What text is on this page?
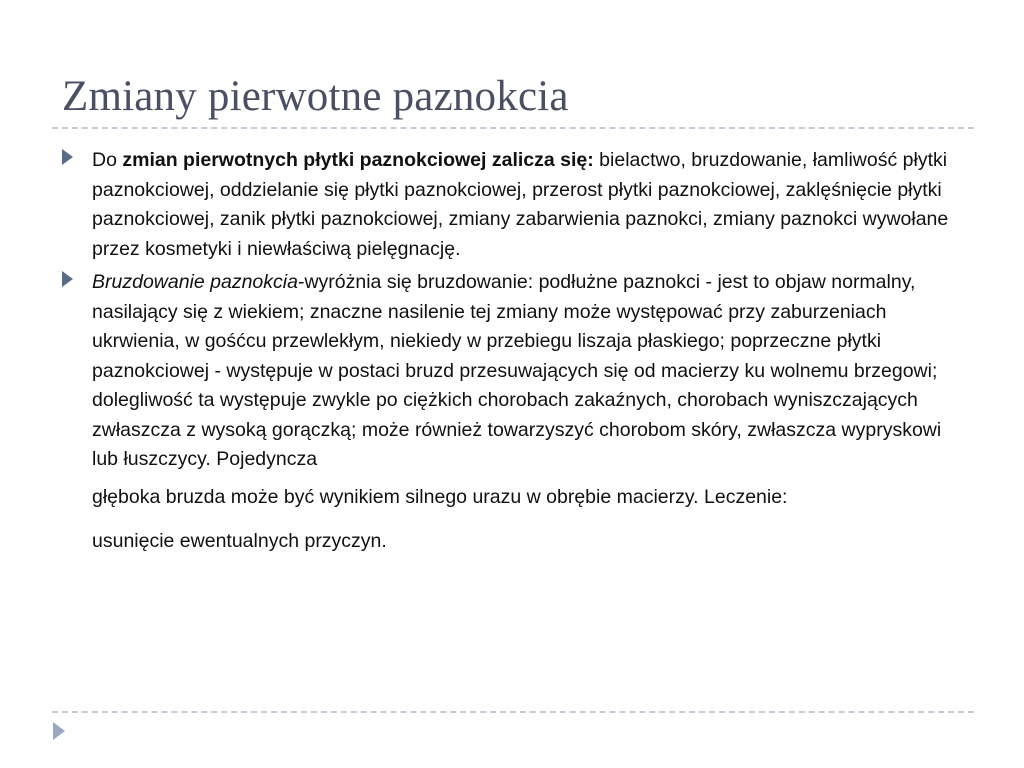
Zmiany pierwotne paznokcia
Do zmian pierwotnych płytki paznokciowej zalicza się: bielactwo, bruzdowanie, łamliwość płytki paznokciowej, oddzielanie się płytki paznokciowej, przerost płytki paznokciowej, zaklęśnięcie płytki paznokciowej, zanik płytki paznokciowej, zmiany zabarwienia paznokci, zmiany paznokci wywołane przez kosmetyki i niewłaściwą pielęgnację.
Bruzdowanie paznokcia-wyróżnia się bruzdowanie: podłużne paznokci - jest to objaw normalny, nasilający się z wiekiem; znaczne nasilenie tej zmiany może występować przy zaburzeniach ukrwienia, w gośćcu przewlekłym, niekiedy w przebiegu liszaja płaskiego; poprzeczne płytki paznokciowej - występuje w postaci bruzd przesuwających się od macierzy ku wolnemu brzegowi; dolegliwość ta występuje zwykle po ciężkich chorobach zakaźnych, chorobach wyniszczających zwłaszcza z wysoką gorączką; może również towarzyszyć chorobom skóry, zwłaszcza wypryskowi lub łuszczycy. Pojedyncza
głęboka bruzda może być wynikiem silnego urazu w obrębie macierzy. Leczenie:
usunięcie ewentualnych przyczyn.
